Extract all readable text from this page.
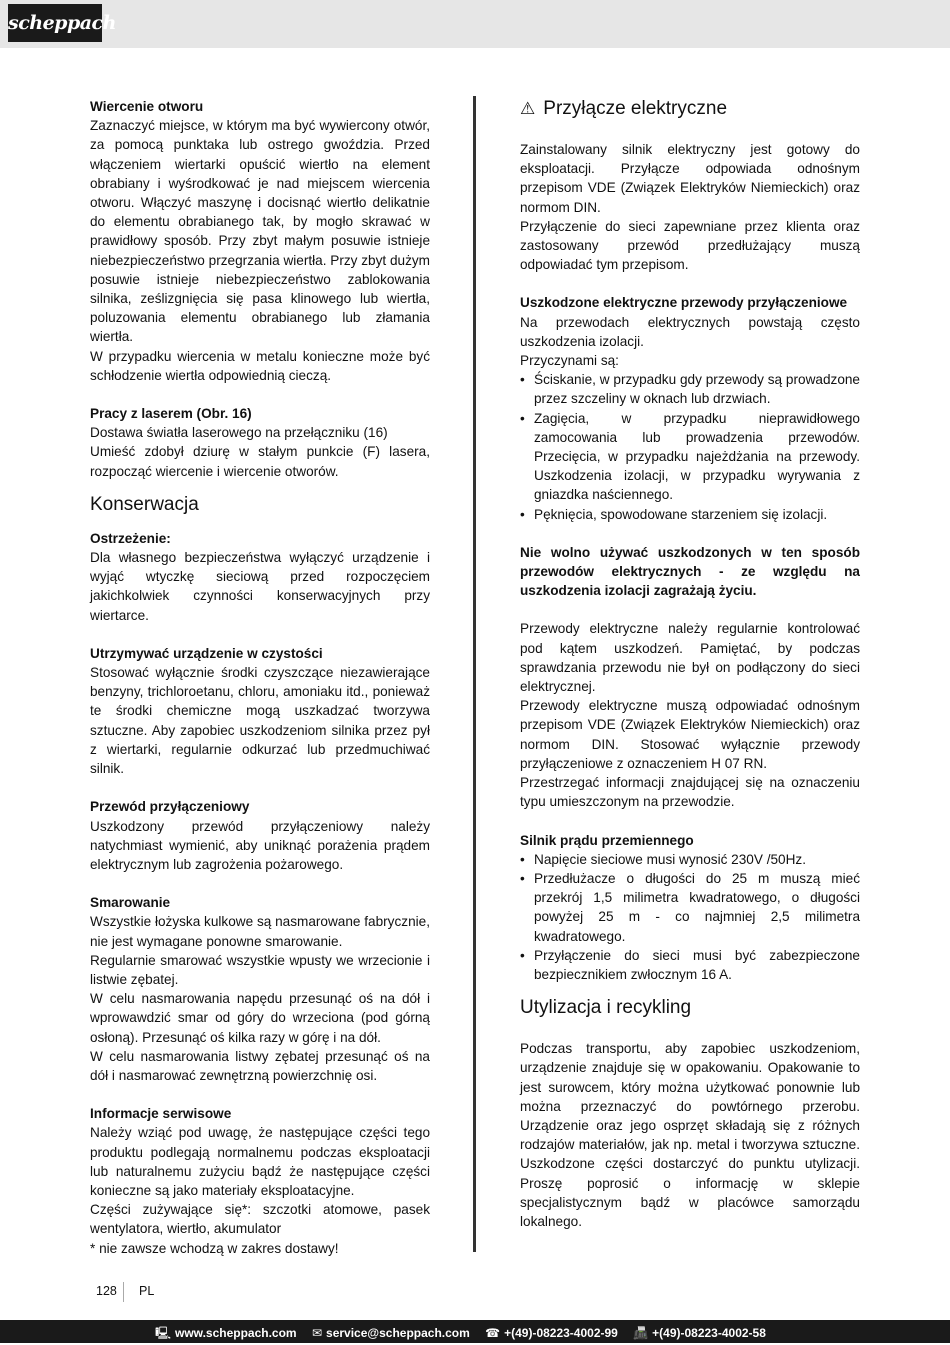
scheppach

Wiercenie otworu

Zaznaczyć miejsce, w którym ma być wywiercony otwór, za pomocą punktaka lub ostrego gwoździa. Przed włączeniem wiertarki opuścić wiertło na element obrabiany i wyśrodkować je nad miejscem wiercenia otworu. Włączyć maszynę i docisnąć wiertło delikatnie do elementu obrabianego tak, by mogło skrawać w prawidłowy sposób. Przy zbyt małym posuwie istnieje niebezpieczeństwo przegrzania wiertła. Przy zbyt dużym posuwie istnieje niebezpieczeństwo zablokowania silnika, ześlizgnięcia się pasa klinowego lub wiertła, poluzowania elementu obrabianego lub złamania wiertła.

W przypadku wiercenia w metalu konieczne może być schłodzenie wiertła odpowiednią cieczą.

Pracy z laserem (Obr. 16)

Dostawa światła laserowego na przełączniku (16)

Umieść zdobył dziurę w stałym punkcie (F) lasera, rozpocząć wiercenie i wiercenie otworów.

Konserwacja

Ostrzeżenie:

Dla własnego bezpieczeństwa wyłączyć urządzenie i wyjąć wtyczkę sieciową przed rozpoczęciem jakichkolwiek czynności konserwacyjnych przy wiertarce.

Utrzymywać urządzenie w czystości

Stosować wyłącznie środki czyszczące niezawierające benzyny, trichloroetanu, chloru, amoniaku itd., ponieważ te środki chemiczne mogą uszkadzać tworzywa sztuczne. Aby zapobiec uszkodzeniom silnika przez pył z wiertarki, regularnie odkurzać lub przedmuchiwać silnik.

Przewód przyłączeniowy

Uszkodzony przewód przyłączeniowy należy natychmiast wymienić, aby uniknąć porażenia prądem elektrycznym lub zagrożenia pożarowego.

Smarowanie

Wszystkie łożyska kulkowe są nasmarowane fabrycznie, nie jest wymagane ponowne smarowanie.

Regularnie smarować wszystkie wpusty we wrzecionie i listwie zębatej.

W celu nasmarowania napędu przesunąć oś na dół i wprowawdzić smar od góry do wrzeciona (pod górną osłoną). Przesunąć oś kilka razy w górę i na dół.

W celu nasmarowania listwy zębatej przesunąć oś na dół i nasmarować zewnętrzną powierzchnię osi.

Informacje serwisowe

Należy wziąć pod uwagę, że następujące części tego produktu podlegają normalnemu podczas eksploatacji lub naturalnemu zużyciu bądź że następujące części konieczne są jako materiały eksploatacyjne.

Części zużywające się*: szczotki atomowe, pasek wentylatora, wiertło, akumulator

* nie zawsze wchodzą w zakres dostawy!

⚠ Przyłącze elektryczne

Zainstalowany silnik elektryczny jest gotowy do eksploatacji. Przyłącze odpowiada odnośnym przepisom VDE (Związek Elektryków Niemieckich) oraz normom DIN.

Przyłączenie do sieci zapewniane przez klienta oraz zastosowany przewód przedłużający muszą odpowiadać tym przepisom.

Uszkodzone elektryczne przewody przyłączeniowe

Na przewodach elektrycznych powstają często uszkodzenia izolacji.

Przyczynami są:

• Ściskanie, w przypadku gdy przewody są prowadzone przez szczeliny w oknach lub drzwiach.
• Zagięcia, w przypadku nieprawidłowego zamocowania lub prowadzenia przewodów. Przecięcia, w przypadku najeżdżania na przewody. Uszkodzenia izolacji, w przypadku wyrywania z gniazdka naściennego.
• Pęknięcia, spowodowane starzeniem się izolacji.

Nie wolno używać uszkodzonych w ten sposób przewodów elektrycznych - ze względu na uszkodzenia izolacji zagrażają życiu.

Przewody elektryczne należy regularnie kontrolować pod kątem uszkodzeń. Pamiętać, by podczas sprawdzania przewodu nie był on podłączony do sieci elektrycznej.

Przewody elektryczne muszą odpowiadać odnośnym przepisom VDE (Związek Elektryków Niemieckich) oraz normom DIN. Stosować wyłącznie przewody przyłączeniowe z oznaczeniem H 07 RN.

Przestrzegać informacji znajdującej się na oznaczeniu typu umieszczonym na przewodzie.

Silnik prądu przemiennego

• Napięcie sieciowe musi wynosić 230V /50Hz.
• Przedłużacze o długości do 25 m muszą mieć przekrój 1,5 milimetra kwadratowego, o długości powyżej 25 m - co najmniej 2,5 milimetra kwadratowego.
• Przyłączenie do sieci musi być zabezpieczone bezpiecznikiem zwłocznym 16 A.
Utylizacja i recykling

Podczas transportu, aby zapobiec uszkodzeniom, urządzenie znajduje się w opakowaniu. Opakowanie to jest surowcem, który można użytkować ponownie lub można przeznaczyć do powtórnego przerobu. Urządzenie oraz jego osprzęt składają się z różnych rodzajów materiałów, jak np. metal i tworzywa sztuczne. Uszkodzone części dostarczyć do punktu utylizacji. Proszę poprosić o informację w sklepie specjalistycznym bądź w placówce samorządu lokalnego.

128 PL
🖳 www.scheppach.com ✉ service@scheppach.com ☎ +(49)-08223-4002-99 📠 +(49)-08223-4002-58
